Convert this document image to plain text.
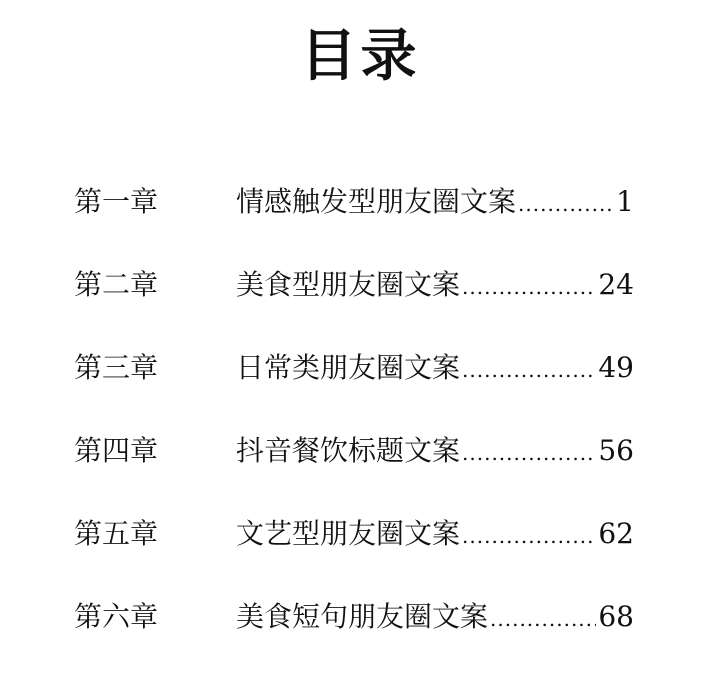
目录
第一章	情感触发型朋友圈文案 .....	1
第二章	美食型朋友圈文案 .....	24
第三章	日常类朋友圈文案 .....	49
第四章	抖音餐饮标题文案 .....	56
第五章	文艺型朋友圈文案 .....	62
第六章	美食短句朋友圈文案 .....	68
